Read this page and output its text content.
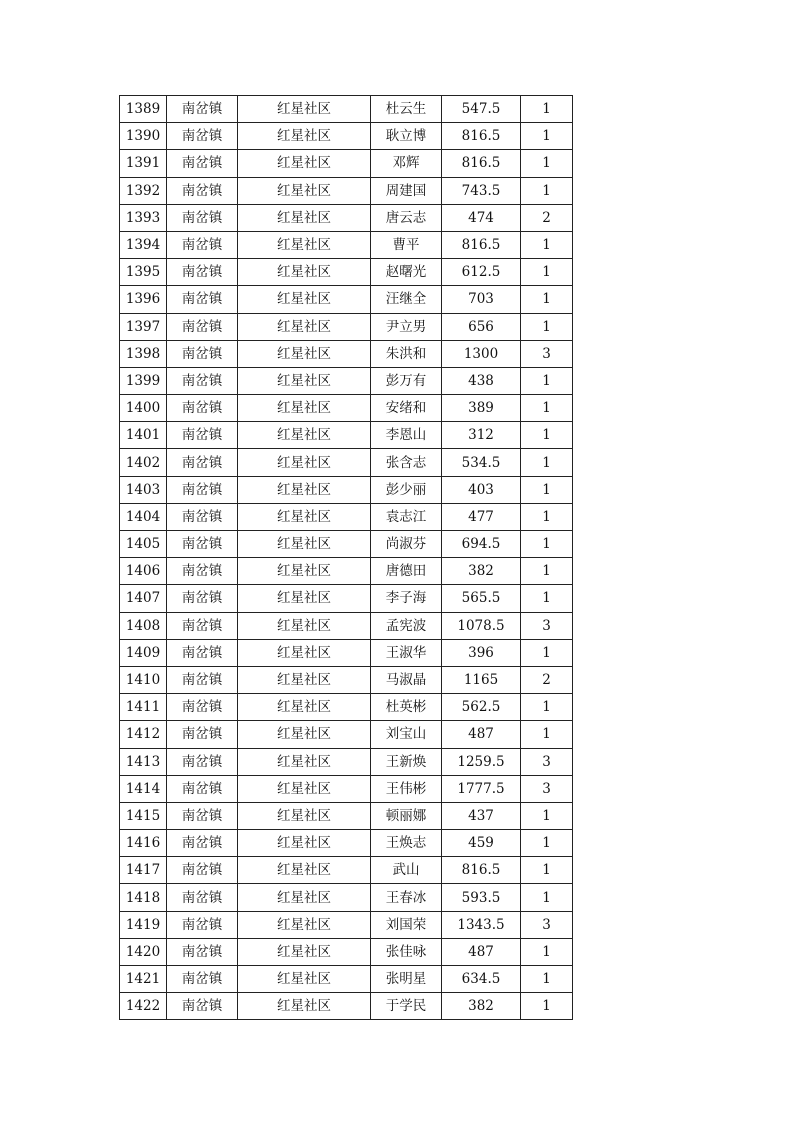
1389	南岔镇	红星社区	杜云生	547.5	1
1390	南岔镇	红星社区	耿立博	816.5	1
1391	南岔镇	红星社区	邓辉	816.5	1
1392	南岔镇	红星社区	周建国	743.5	1
1393	南岔镇	红星社区	唐云志	474	2
1394	南岔镇	红星社区	曹平	816.5	1
1395	南岔镇	红星社区	赵曙光	612.5	1
1396	南岔镇	红星社区	汪继全	703	1
1397	南岔镇	红星社区	尹立男	656	1
1398	南岔镇	红星社区	朱洪和	1300	3
1399	南岔镇	红星社区	彭万有	438	1
1400	南岔镇	红星社区	安绪和	389	1
1401	南岔镇	红星社区	李恩山	312	1
1402	南岔镇	红星社区	张含志	534.5	1
1403	南岔镇	红星社区	彭少丽	403	1
1404	南岔镇	红星社区	袁志江	477	1
1405	南岔镇	红星社区	尚淑芬	694.5	1
1406	南岔镇	红星社区	唐德田	382	1
1407	南岔镇	红星社区	李子海	565.5	1
1408	南岔镇	红星社区	孟宪波	1078.5	3
1409	南岔镇	红星社区	王淑华	396	1
1410	南岔镇	红星社区	马淑晶	1165	2
1411	南岔镇	红星社区	杜英彬	562.5	1
1412	南岔镇	红星社区	刘宝山	487	1
1413	南岔镇	红星社区	王新焕	1259.5	3
1414	南岔镇	红星社区	王伟彬	1777.5	3
1415	南岔镇	红星社区	顿丽娜	437	1
1416	南岔镇	红星社区	王焕志	459	1
1417	南岔镇	红星社区	武山	816.5	1
1418	南岔镇	红星社区	王春冰	593.5	1
1419	南岔镇	红星社区	刘国荣	1343.5	3
1420	南岔镇	红星社区	张佳咏	487	1
1421	南岔镇	红星社区	张明星	634.5	1
1422	南岔镇	红星社区	于学民	382	1
